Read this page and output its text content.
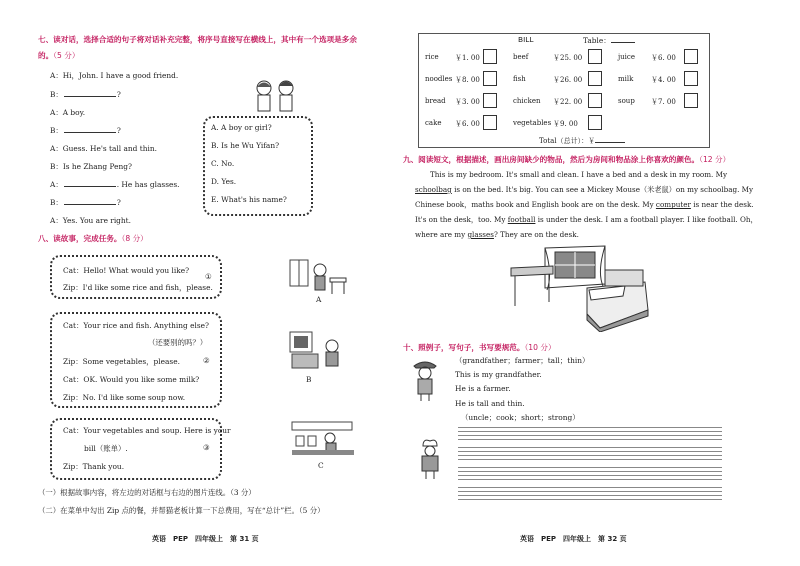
七、读对话，选择合适的句子将对话补充完整，将序号直接写在横线上，其中有一个选项是多余
的。（5 分）
A：Hi，John. I have a good friend.
B：	?
A：A boy.
B：	?
A：Guess. He's tall and thin.
B：Is he Zhang Peng?
A：	. He has glasses.
B：	?
A：Yes. You are right.
A. A boy or girl?
B. Is he Wu Yifan?
C. No.
D. Yes.
E. What's his name?
八、读故事，完成任务。（8 分）
Cat：Hello! What would you like?
Zip：I'd like some rice and fish，please.
①
Cat：Your rice and fish. Anything else?
（还要别的吗？）
Zip：Some vegetables，please.
Cat：OK. Would you like some milk?
Zip：No. I'd like some soup now.
②
Cat：Your vegetables and soup. Here is your
bill（账单）.
Zip：Thank you.
③
A
B
C
（一）根据故事内容，将左边的对话框与右边的图片连线。（3 分）
（二）在菜单中勾出 Zip 点的餐，并帮猫老板计算一下总费用，写在“总计”栏。（5 分）
英语　PEP　四年级上　第 31 页
BILL	Table：
rice ￥1. 00	beef	￥25. 00	juice ￥6. 00
noodles ￥8. 00	fish	￥26. 00	milk	￥4. 00
bread ￥3. 00	chicken ￥22. 00	soup ￥7. 00
cake ￥6. 00	vegetables ￥9. 00
Total（总计）：￥
九、阅读短文，根据描述，画出房间缺少的物品，然后为房间和物品涂上你喜欢的颜色。（12 分）
This is my bedroom. It's small and clean. I have a bed and a desk in my room. My
schoolbag is on the bed. It's big. You can see a Mickey Mouse（米老鼠）on my schoolbag. My
Chinese book，maths book and English book are on the desk. My computer is near the desk.
It's on the desk，too. My football is under the desk. I am a football player. I like football. Oh，
where are my glasses? They are on the desk.
十、照例子，写句子，书写要规范。（10 分）
（grandfather；farmer；tall；thin）
This is my grandfather.
He is a farmer.
He is tall and thin.
（uncle；cook；short；strong）
英语　PEP　四年级上　第 32 页
